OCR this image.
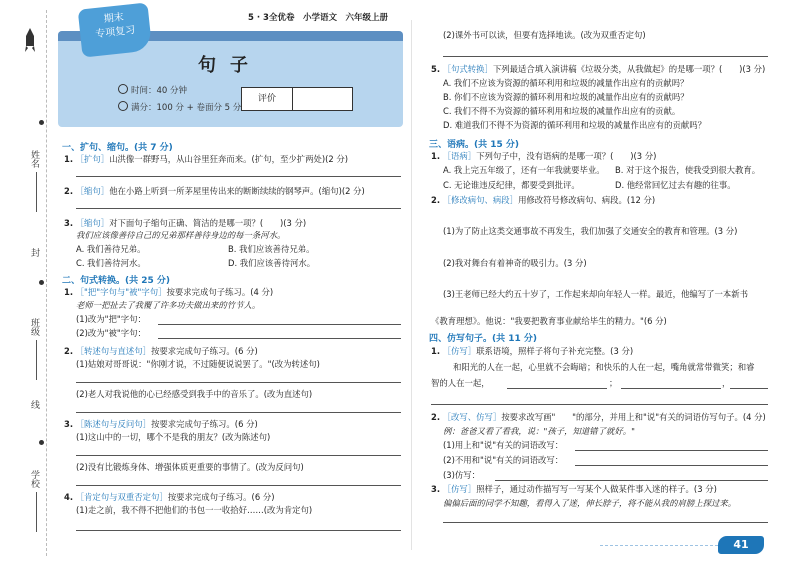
姓名
封
班级
线
学校
5 · 3全优卷　小学语文　六年级上册
句子
时间：40 分钟
满分：100 分 + 卷面分 5 分
评价
期末
专项复习
一、扩句、缩句。(共 7 分)
1. ［扩句］山洪像一群野马，从山谷里狂奔而来。(扩句，至少扩两处)(2 分)
2. ［缩句］他在小路上听到一所茅屋里传出来的断断续续的钢琴声。(缩句)(2 分)
3. ［缩句］对下面句子缩句正确、简洁的是哪一项？(　　)(3 分)
我们应该像善待自己的兄弟那样善待身边的每一条河水。
A. 我们善待兄弟。	B. 我们应该善待兄弟。
C. 我们善待河水。	D. 我们应该善待河水。
二、句式转换。(共 25 分)
1. ［"把"字句与"被"字句］按要求完成句子练习。(4 分)
老师一把扯去了我覆了许多功夫做出来的竹节人。
(1)改为"把"字句：
(2)改为"被"字句：
2. ［转述句与直述句］按要求完成句子练习。(6 分)
(1)姑娘对哥哥说："你刚才说，不过随便说说罢了。"(改为转述句)
(2)老人对我说他的心已经感受到我手中的音乐了。(改为直述句)
3. ［陈述句与反问句］按要求完成句子练习。(6 分)
(1)这山中的一切，哪个不是我的朋友？(改为陈述句)
(2)没有比锻炼身体、增强体质更重要的事情了。(改为反问句)
4. ［肯定句与双重否定句］按要求完成句子练习。(6 分)
(1)走之前，我不得不把他们的书包一一收拾好……(改为肯定句)
(2)课外书可以读，但要有选择地读。(改为双重否定句)
5. ［句式转换］下列最适合填入演讲稿《垃圾分类，从我做起》的是哪一项？(　　)(3 分)
A. 我们不应该为资源的循环利用和垃圾的减量作出应有的贡献吗？
B. 你们不应该为资源的循环利用和垃圾的减量作出应有的贡献吗？
C. 我们不得不为资源的循环利用和垃圾的减量作出应有的贡献。
D. 难道我们不得不为资源的循环利用和垃圾的减量作出应有的贡献吗？
三、语病。(共 15 分)
1. ［语病］下列句子中，没有语病的是哪一项？(　　)(3 分)
A. 我上完五年级了，还有一年我就要毕业。 B. 对于这个报告，使我受到很大教育。
C. 无论谁违反纪律，都要受到批评。	D. 他经常回忆过去有趣的往事。
2. ［修改病句、病段］用修改符号修改病句、病段。(12 分)
(1)为了防止这类交通事故不再发生，我们加强了交通安全的教育和管理。(3 分)
(2)我对舞台有着神奇的吸引力。(3 分)
(3)王老师已经大约五十岁了，工作起来却向年轻人一样。最近，他编写了一本新书
《教育理想》。他说："我要把教育事业献给毕生的精力。"(6 分)
四、仿写句子。(共 11 分)
1. ［仿写］联系语境，照样子将句子补充完整。(3 分)
和阳光的人在一起，心里就不会晦暗；和快乐的人在一起，嘴角就常带微笑；和睿
智的人在一起，	；	，
2. ［改写、仿写］按要求改写画"　　"的部分，并用上和"说"有关的词语仿写句子。(4 分)
例：爸爸又看了看我，说："孩子，知道错了就好。"
(1)用上和"说"有关的词语改写：
(2)不用和"说"有关的词语改写：
(3)仿写：
3. ［仿写］照样子，通过动作描写写一写某个人做某件事入迷的样子。(3 分)
偏偏后面的同学不知趣，看得入了迷，伸长脖子，将不能从我的肩膀上探过来。
41
